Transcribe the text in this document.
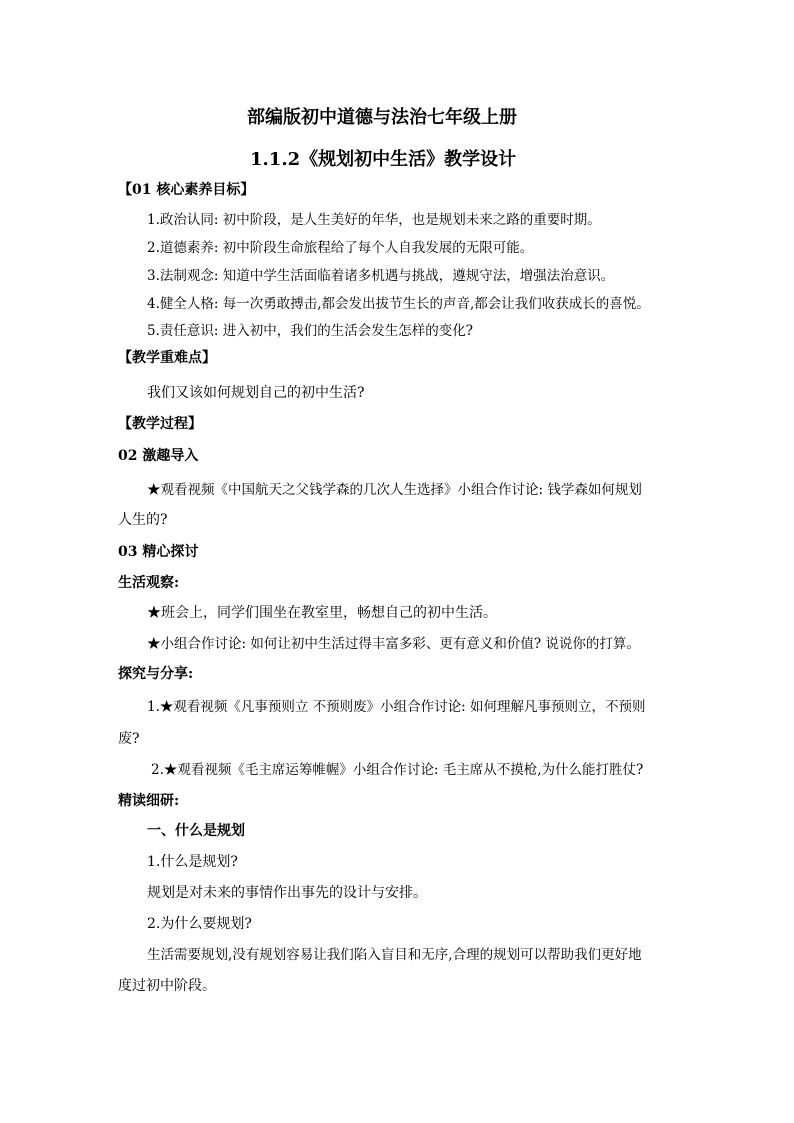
部编版初中道德与法治七年级上册
1.1.2《规划初中生活》教学设计
【01 核心素养目标】
1.政治认同: 初中阶段，是人生美好的年华，也是规划未来之路的重要时期。
2.道德素养: 初中阶段生命旅程给了每个人自我发展的无限可能。
3.法制观念: 知道中学生活面临着诸多机遇与挑战，遵规守法，增强法治意识。
4.健全人格: 每一次勇敢搏击,都会发出拔节生长的声音,都会让我们收获成长的喜悦。
5.责任意识: 进入初中，我们的生活会发生怎样的变化?
【教学重难点】
我们又该如何规划自己的初中生活?
【教学过程】
02 激趣导入
★观看视频《中国航天之父钱学森的几次人生选择》小组合作讨论: 钱学森如何规划
人生的?
03 精心探讨
生活观察:
★班会上，同学们围坐在教室里，畅想自己的初中生活。
★小组合作讨论: 如何让初中生活过得丰富多彩、更有意义和价值? 说说你的打算。
探究与分享:
1.★观看视频《凡事预则立 不预则废》小组合作讨论: 如何理解凡事预则立，不预则
废?
2.★观看视频《毛主席运筹帷幄》小组合作讨论: 毛主席从不摸枪,为什么能打胜仗?
精读细研:
一、什么是规划
1.什么是规划?
规划是对未来的事情作出事先的设计与安排。
2.为什么要规划?
生活需要规划,没有规划容易让我们陷入盲目和无序,合理的规划可以帮助我们更好地
度过初中阶段。
